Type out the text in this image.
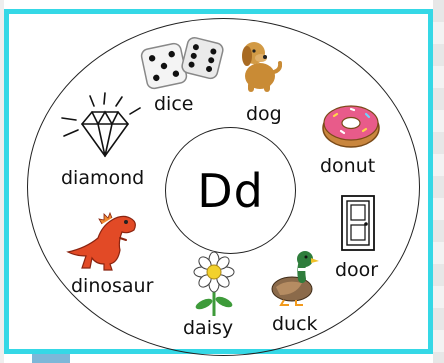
Dd
dice	dog
diamond
donut
door
dinosaur
daisy duck
